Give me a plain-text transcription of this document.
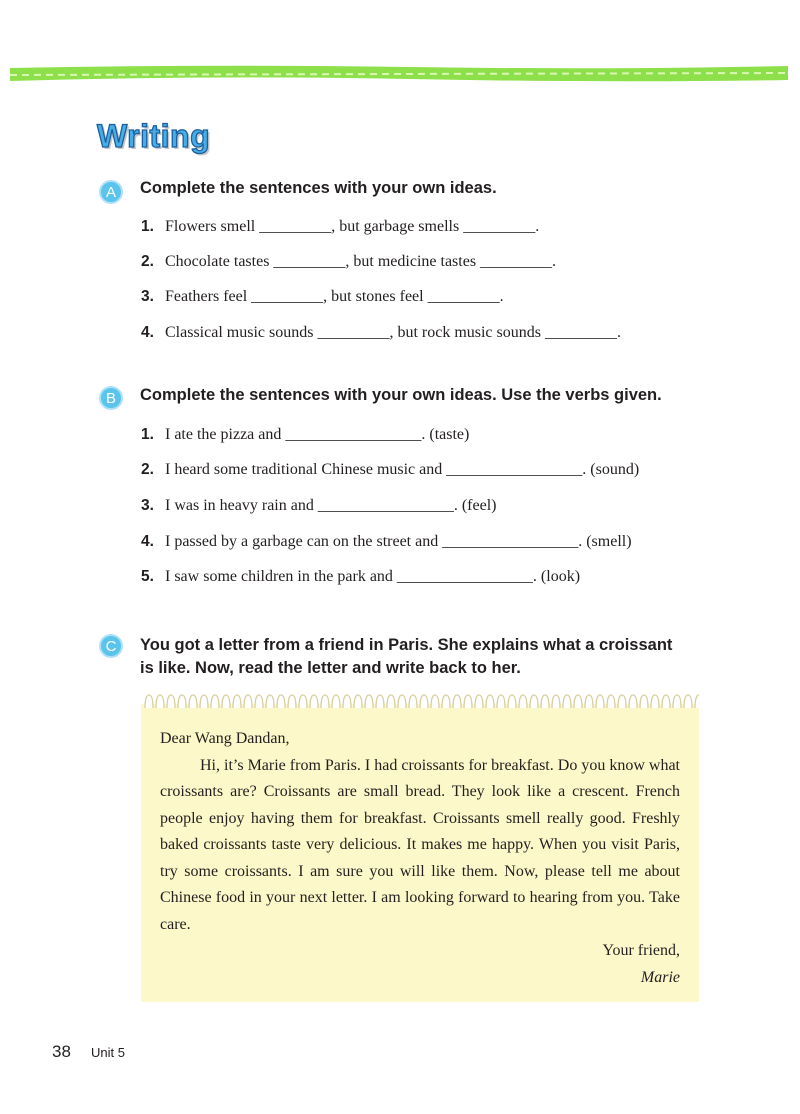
Writing
A	Complete the sentences with your own ideas.
1. Flowers smell _________, but garbage smells _________.
2. Chocolate tastes _________, but medicine tastes _________.
3. Feathers feel _________, but stones feel _________.
4. Classical music sounds _________, but rock music sounds _________.
B	Complete the sentences with your own ideas. Use the verbs given.
1. I ate the pizza and _________________. (taste)
2. I heard some traditional Chinese music and _________________. (sound)
3. I was in heavy rain and _________________. (feel)
4. I passed by a garbage can on the street and _________________. (smell)
5. I saw some children in the park and _________________. (look)
C	You got a letter from a friend in Paris. She explains what a croissant
is like. Now, read the letter and write back to her.
Dear Wang Dandan,
Hi, it’s Marie from Paris. I had croissants for breakfast. Do you know what croissants are? Croissants are small bread. They look like a crescent. French people enjoy having them for breakfast. Croissants smell really good. Freshly baked croissants taste very delicious. It makes me happy. When you visit Paris, try some croissants. I am sure you will like them. Now, please tell me about Chinese food in your next letter. I am looking forward to hearing from you. Take care.
Your friend,
Marie
38 Unit 5
